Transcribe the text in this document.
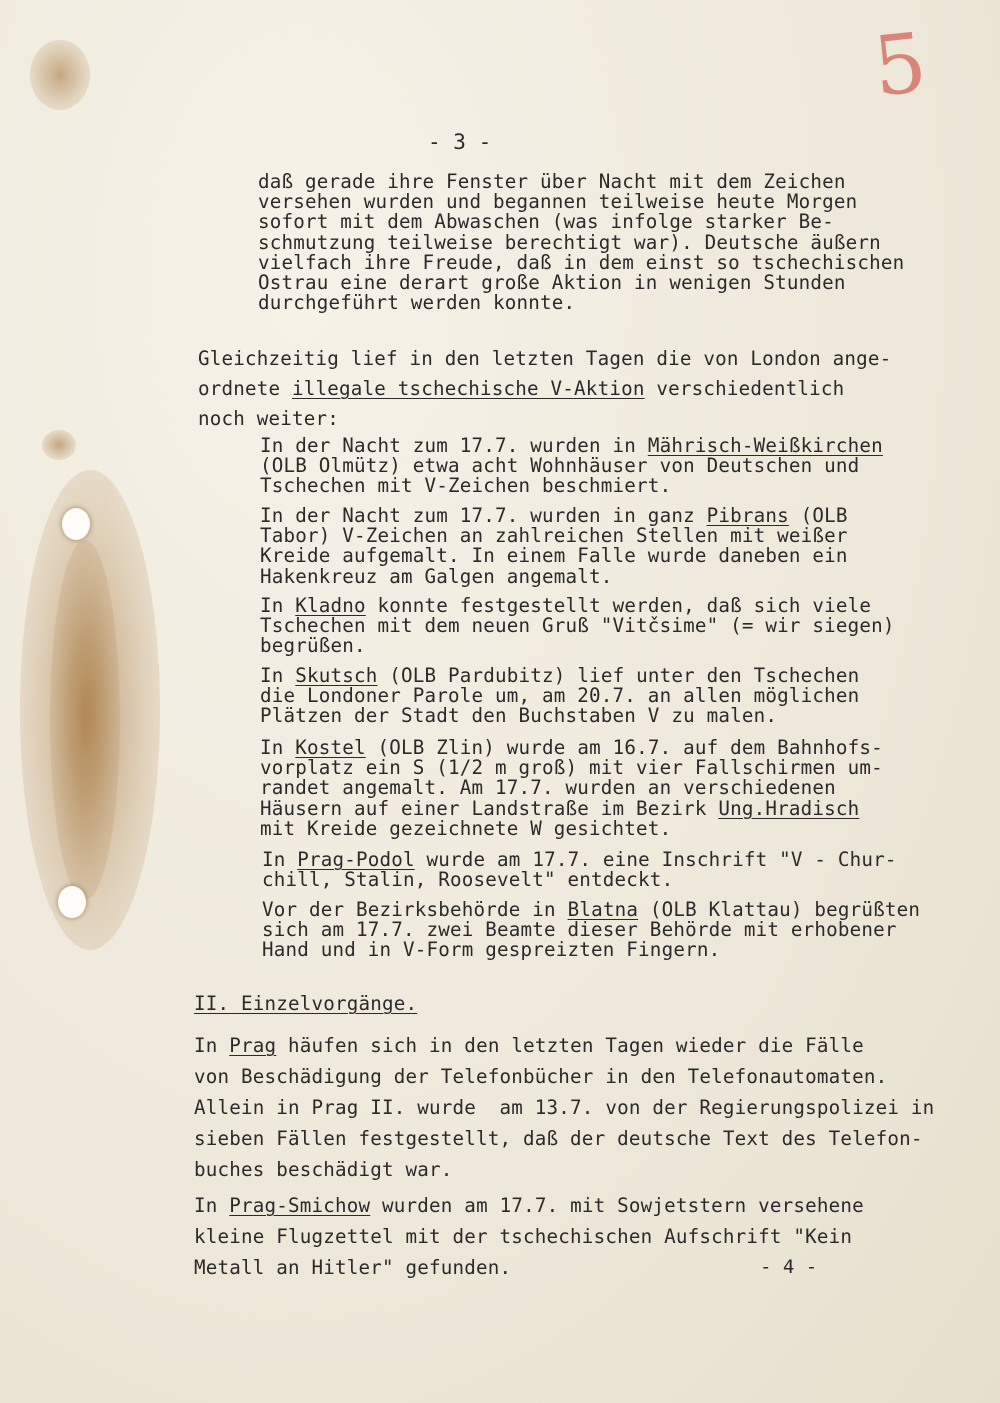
5
- 3 -
daß gerade ihre Fenster über Nacht mit dem Zeichen
versehen wurden und begannen teilweise heute Morgen
sofort mit dem Abwaschen (was infolge starker Be-
schmutzung teilweise berechtigt war). Deutsche äußern
vielfach ihre Freude, daß in dem einst so tschechischen
Ostrau eine derart große Aktion in wenigen Stunden
durchgeführt werden konnte.
Gleichzeitig lief in den letzten Tagen die von London ange-
ordnete illegale tschechische V-Aktion verschiedentlich
noch weiter:
In der Nacht zum 17.7. wurden in Mährisch-Weißkirchen
(OLB Olmütz) etwa acht Wohnhäuser von Deutschen und
Tschechen mit V-Zeichen beschmiert.
In der Nacht zum 17.7. wurden in ganz Pibrans (OLB
Tabor) V-Zeichen an zahlreichen Stellen mit weißer
Kreide aufgemalt. In einem Falle wurde daneben ein
Hakenkreuz am Galgen angemalt.
In Kladno konnte festgestellt werden, daß sich viele
Tschechen mit dem neuen Gruß "Vitčsime" (= wir siegen)
begrüßen.
In Skutsch (OLB Pardubitz) lief unter den Tschechen
die Londoner Parole um, am 20.7. an allen möglichen
Plätzen der Stadt den Buchstaben V zu malen.
In Kostel (OLB Zlin) wurde am 16.7. auf dem Bahnhofs-
vorplatz ein S (1/2 m groß) mit vier Fallschirmen um-
randet angemalt. Am 17.7. wurden an verschiedenen
Häusern auf einer Landstraße im Bezirk Ung.Hradisch
mit Kreide gezeichnete W gesichtet.
In Prag-Podol wurde am 17.7. eine Inschrift "V - Chur-
chill, Stalin, Roosevelt" entdeckt.
Vor der Bezirksbehörde in Blatna (OLB Klattau) begrüßten
sich am 17.7. zwei Beamte dieser Behörde mit erhobener
Hand und in V-Form gespreizten Fingern.
II. Einzelvorgänge.
In Prag häufen sich in den letzten Tagen wieder die Fälle
von Beschädigung der Telefonbücher in den Telefonautomaten.
Allein in Prag II. wurde  am 13.7. von der Regierungspolizei in
sieben Fällen festgestellt, daß der deutsche Text des Telefon-
buches beschädigt war.
In Prag-Smichow wurden am 17.7. mit Sowjetstern versehene
kleine Flugzettel mit der tschechischen Aufschrift "Kein
Metall an Hitler" gefunden.	- 4 -
